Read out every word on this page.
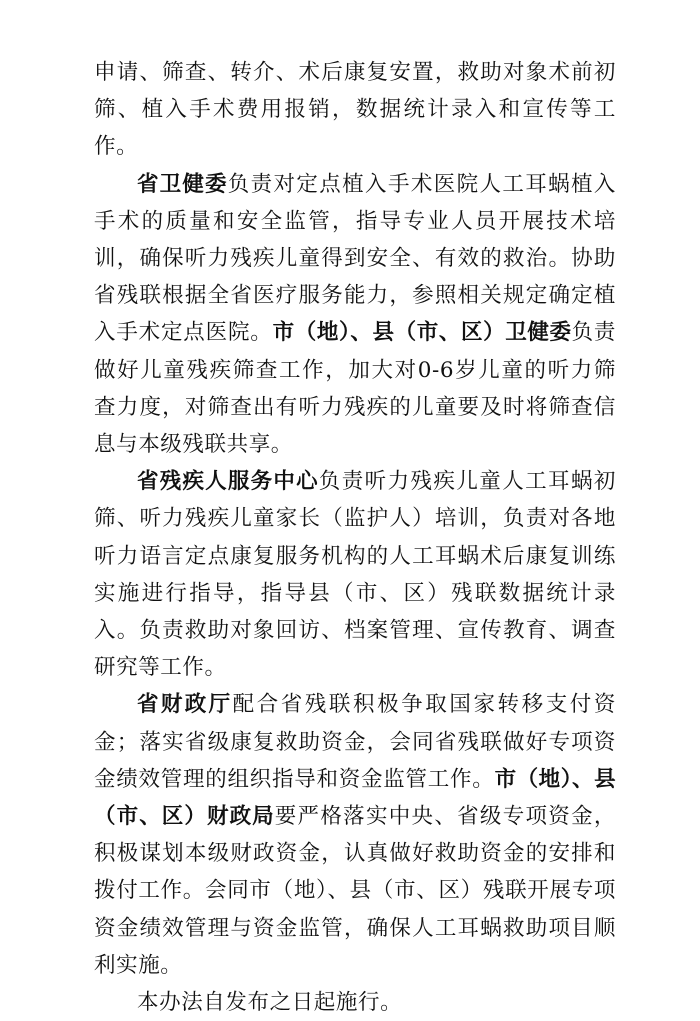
申请、筛查、转介、术后康复安置，救助对象术前初筛、植入手术费用报销，数据统计录入和宣传等工作。

省卫健委负责对定点植入手术医院人工耳蜗植入手术的质量和安全监管，指导专业人员开展技术培训，确保听力残疾儿童得到安全、有效的救治。协助省残联根据全省医疗服务能力，参照相关规定确定植入手术定点医院。市（地）、县（市、区）卫健委负责做好儿童残疾筛查工作，加大对0-6岁儿童的听力筛查力度，对筛查出有听力残疾的儿童要及时将筛查信息与本级残联共享。

省残疾人服务中心负责听力残疾儿童人工耳蜗初筛、听力残疾儿童家长（监护人）培训，负责对各地听力语言定点康复服务机构的人工耳蜗术后康复训练实施进行指导，指导县（市、区）残联数据统计录入。负责救助对象回访、档案管理、宣传教育、调查研究等工作。

省财政厅配合省残联积极争取国家转移支付资金；落实省级康复救助资金，会同省残联做好专项资金绩效管理的组织指导和资金监管工作。市（地）、县（市、区）财政局要严格落实中央、省级专项资金，积极谋划本级财政资金，认真做好救助资金的安排和拨付工作。会同市（地）、县（市、区）残联开展专项资金绩效管理与资金监管，确保人工耳蜗救助项目顺利实施。

本办法自发布之日起施行。
